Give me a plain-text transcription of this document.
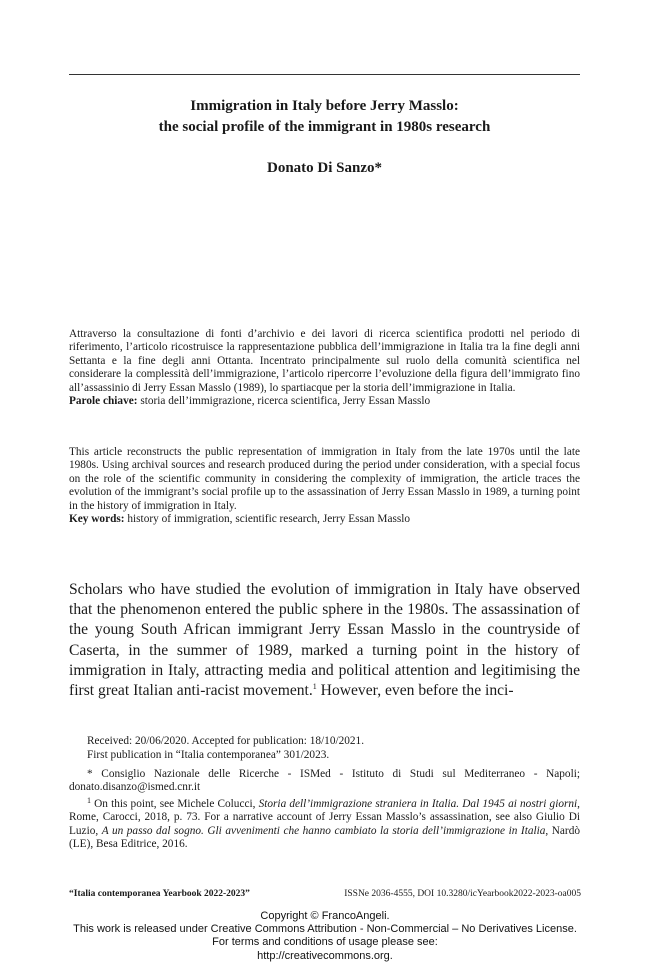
Immigration in Italy before Jerry Masslo:
the social profile of the immigrant in 1980s research
Donato Di Sanzo*

Attraverso la consultazione di fonti d’archivio e dei lavori di ricerca scientifica prodotti nel periodo di riferimento, l’articolo ricostruisce la rappresentazione pubblica dell’immigrazione in Italia tra la fine degli anni Settanta e la fine degli anni Ottanta. Incentrato principalmente sul ruolo della comunità scientifica nel considerare la complessità dell’immigrazione, l’articolo ripercorre l’evoluzione della figura dell’immigrato fino all’assassinio di Jerry Essan Masslo (1989), lo spartiacque per la storia dell’immigrazione in Italia.

Parole chiave: storia dell’immigrazione, ricerca scientifica, Jerry Essan Masslo

This article reconstructs the public representation of immigration in Italy from the late 1970s until the late 1980s. Using archival sources and research produced during the period under consideration, with a special focus on the role of the scientific community in considering the complexity of immigration, the article traces the evolution of the immigrant’s social profile up to the assassination of Jerry Essan Masslo in 1989, a turning point in the history of immigration in Italy.

Key words: history of immigration, scientific research, Jerry Essan Masslo

Scholars who have studied the evolution of immigration in Italy have observed that the phenomenon entered the public sphere in the 1980s. The assassination of the young South African immigrant Jerry Essan Masslo in the countryside of Caserta, in the summer of 1989, marked a turning point in the history of immigration in Italy, attracting media and political attention and legitimising the first great Italian anti-racist movement.$^1$ However, even before the inci-

Received: 20/06/2020. Accepted for publication: 18/10/2021.
First publication in “Italia contemporanea” 301/2023.

* Consiglio Nazionale delle Ricerche - ISMed - Istituto di Studi sul Mediterraneo - Napoli; donato.disanzo@ismed.cnr.it

$^1$ On this point, see Michele Colucci, Storia dell’immigrazione straniera in Italia. Dal 1945 ai nostri giorni, Rome, Carocci, 2018, p. 73. For a narrative account of Jerry Essan Masslo’s assassination, see also Giulio Di Luzio, A un passo dal sogno. Gli avvenimenti che hanno cambiato la storia dell’immigrazione in Italia, Nardò (LE), Besa Editrice, 2016.

“Italia contemporanea Yearbook 2022-2023”	ISSNe 2036-4555, DOI 10.3280/icYearbook2022-2023-oa005
Copyright © FrancoAngeli.
This work is released under Creative Commons Attribution - Non-Commercial – No Derivatives License.
For terms and conditions of usage please see:
http://creativecommons.org.
